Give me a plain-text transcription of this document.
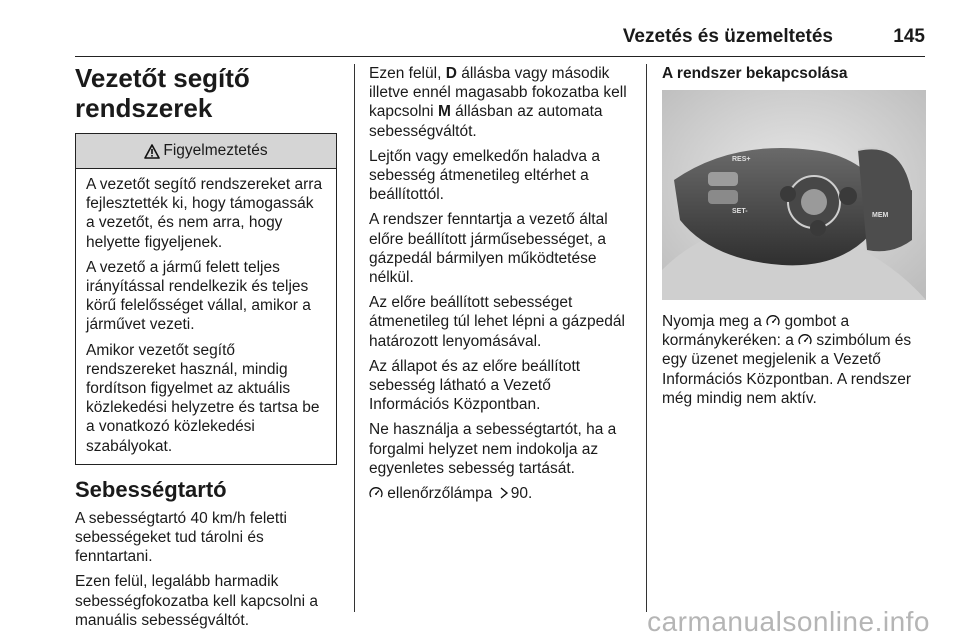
Vezetés és üzemeltetés	145
Vezetőt segítő
rendszerek
Figyelmeztetés

A vezetőt segítő rendszereket arra fejlesztették ki, hogy támogassák a vezetőt, és nem arra, hogy helyette figyeljenek.

A vezető a jármű felett teljes irányítással rendelkezik és teljes körű felelősséget vállal, amikor a járművet vezeti.

Amikor vezetőt segítő rendszereket használ, mindig fordítson figyelmet az aktuális közlekedési helyzetre és tartsa be a vonatkozó közlekedési szabályokat.

Sebességtartó

A sebességtartó 40 km/h feletti sebességeket tud tárolni és fenntartani.

Ezen felül, legalább harmadik sebességfokozatba kell kapcsolni a manuális sebességváltót.

Ezen felül, D állásba vagy második illetve ennél magasabb fokozatba kell kapcsolni M állásban az automata sebességváltót.

Lejtőn vagy emelkedőn haladva a sebesség átmenetileg eltérhet a beállítottól.

A rendszer fenntartja a vezető által előre beállított járműsebességet, a gázpedál bármilyen működtetése nélkül.

Az előre beállított sebességet átmenetileg túl lehet lépni a gázpedál határozott lenyomásával.

Az állapot és az előre beállított sebesség látható a Vezető Információs Központban.

Ne használja a sebességtartót, ha a forgalmi helyzet nem indokolja az egyenletes sebesség tartását.

ellenőrzőlámpa 90.

A rendszer bekapcsolása
RES+
SET-
MEM

Nyomja meg a  gombot a kormánykeréken: a  szimbólum és egy üzenet megjelenik a Vezető Információs Központban. A rendszer még mindig nem aktív.

carmanualsonline.info
